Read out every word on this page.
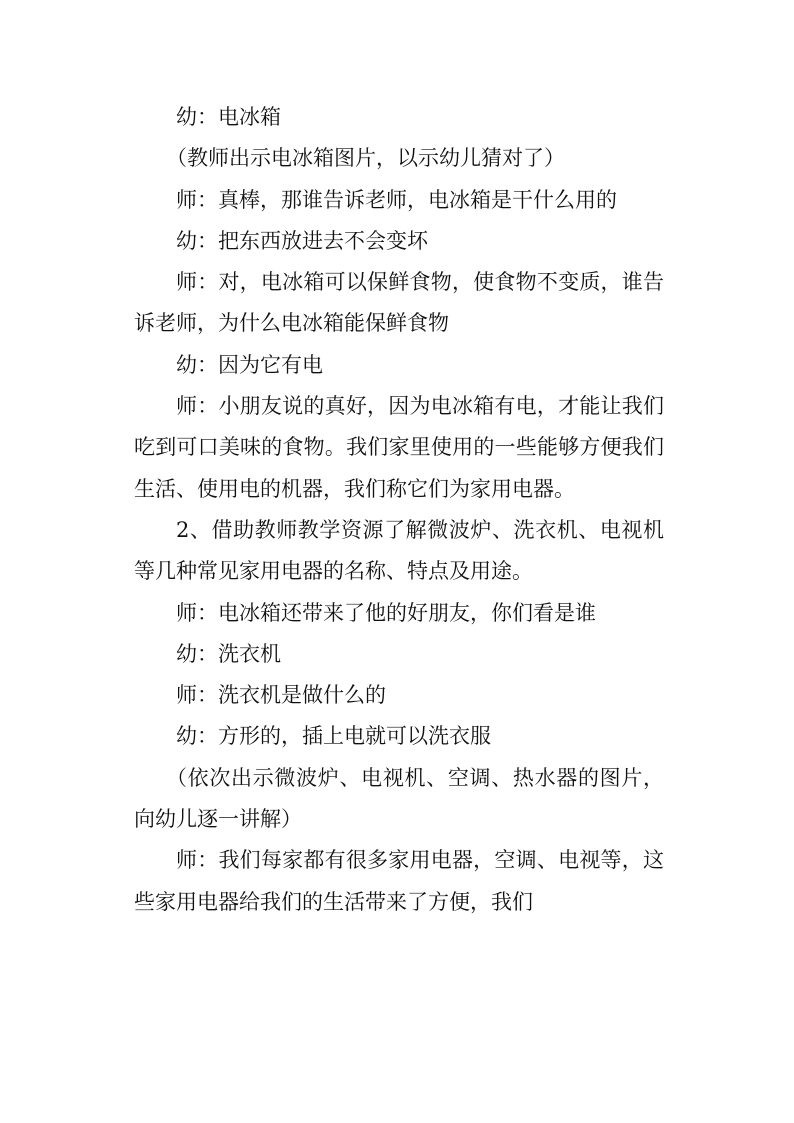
幼：电冰箱

（教师出示电冰箱图片，以示幼儿猜对了）

师：真棒，那谁告诉老师，电冰箱是干什么用的

幼：把东西放进去不会变坏

师：对，电冰箱可以保鲜食物，使食物不变质，谁告诉老师，为什么电冰箱能保鲜食物

幼：因为它有电

师：小朋友说的真好，因为电冰箱有电，才能让我们吃到可口美味的食物。我们家里使用的一些能够方便我们生活、使用电的机器，我们称它们为家用电器。

2、借助教师教学资源了解微波炉、洗衣机、电视机等几种常见家用电器的名称、特点及用途。

师：电冰箱还带来了他的好朋友，你们看是谁

幼：洗衣机

师：洗衣机是做什么的

幼：方形的，插上电就可以洗衣服

（依次出示微波炉、电视机、空调、热水器的图片，向幼儿逐一讲解）

师：我们每家都有很多家用电器，空调、电视等，这些家用电器给我们的生活带来了方便，我们
